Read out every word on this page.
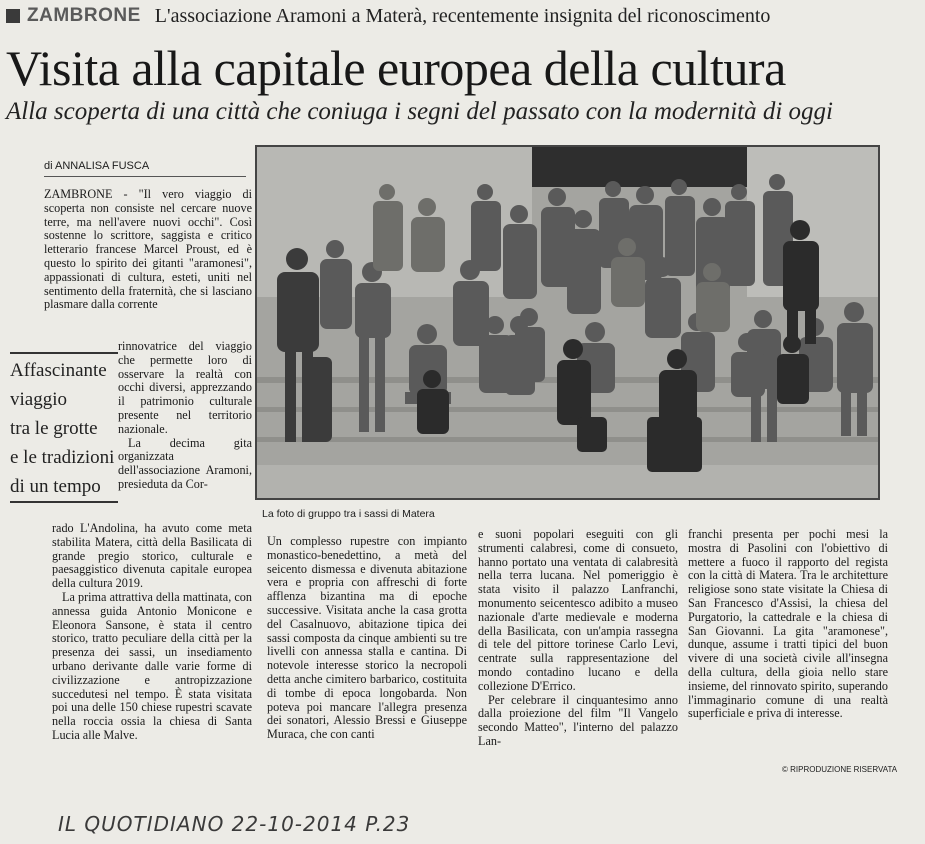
ZAMBRONE L'associazione Aramoni a Materà, recentemente insignita del riconoscimento
Visita alla capitale europea della cultura
Alla scoperta di una città che coniuga i segni del passato con la modernità di oggi
di ANNALISA FUSCA
La foto di gruppo tra i sassi di Matera
Affascinante
viaggio
tra le grotte
e le tradizioni
di un tempo

ZAMBRONE - "Il vero viaggio di scoperta non consiste nel cercare nuove terre, ma nell'avere nuovi occhi". Così sostenne lo scrittore, saggista e critico letterario francese Marcel Proust, ed è questo lo spirito dei gitanti "aramonesi", appassionati di cultura, esteti, uniti nel sentimento della fraternità, che si lasciano plasmare dalla corrente

rinnovatrice del viaggio che permette loro di osservare la realtà con occhi diversi, apprezzando il patrimonio culturale presente nel territorio nazionale.

La decima gita organizzata dell'associazione Aramoni, presieduta da Cor-

rado L'Andolina, ha avuto come meta stabilita Matera, città della Basilicata di grande pregio storico, culturale e paesaggistico divenuta capitale europea della cultura 2019.

La prima attrattiva della mattinata, con annessa guida Antonio Monicone e Eleonora Sansone, è stata il centro storico, tratto peculiare della città per la presenza dei sassi, un insediamento urbano derivante dalle varie forme di civilizzazione e antropizzazione succedutesi nel tempo. È stata visitata poi una delle 150 chiese rupestri scavate nella roccia ossia la chiesa di Santa Lucia alle Malve.

Un complesso rupestre con impianto monastico-benedettino, a metà del seicento dismessa e divenuta abitazione vera e propria con affreschi di forte afflenza bizantina ma di epoche successive. Visitata anche la casa grotta del Casalnuovo, abitazione tipica dei sassi composta da cinque ambienti su tre livelli con annessa stalla e cantina. Di notevole interesse storico la necropoli detta anche cimitero barbarico, costituita di tombe di epoca longobarda. Non poteva poi mancare l'allegra presenza dei sonatori, Alessio Bressi e Giuseppe Muraca, che con canti

e suoni popolari eseguiti con gli strumenti calabresi, come di consueto, hanno portato una ventata di calabresità nella terra lucana. Nel pomeriggio è stata visito il palazzo Lanfranchi, monumento seicentesco adibito a museo nazionale d'arte medievale e moderna della Basilicata, con un'ampia rassegna di tele del pittore torinese Carlo Levi, centrate sulla rappresentazione del mondo contadino lucano e della collezione D'Errico.

Per celebrare il cinquantesimo anno dalla proiezione del film "Il Vangelo secondo Matteo", l'interno del palazzo Lan-

franchi presenta per pochi mesi la mostra di Pasolini con l'obiettivo di mettere a fuoco il rapporto del regista con la città di Matera. Tra le architetture religiose sono state visitate la Chiesa di San Francesco d'Assisi, la chiesa del Purgatorio, la cattedrale e la chiesa di San Giovanni. La gita "aramonese", dunque, assume i tratti tipici del buon vivere di una società civile all'insegna della cultura, della gioia nello stare insieme, del rinnovato spirito, superando l'immaginario comune di una realtà superficiale e priva di interesse.

© RIPRODUZIONE RISERVATA
IL QUOTIDIANO 22-10-2014 P.23
